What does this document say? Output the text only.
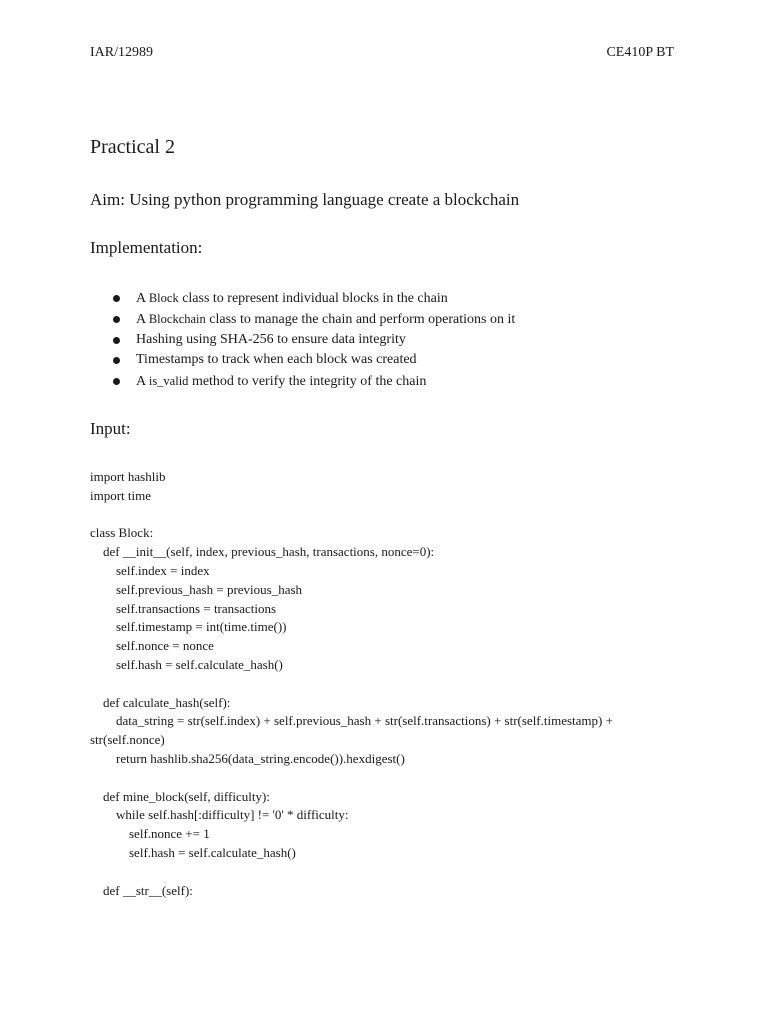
IAR/12989	CE410P BT
Practical 2
Aim: Using python programming language create a blockchain
Implementation:
A Block class to represent individual blocks in the chain
A Blockchain class to manage the chain and perform operations on it
Hashing using SHA-256 to ensure data integrity
Timestamps to track when each block was created
A is_valid method to verify the integrity of the chain
Input:
import hashlib
import time
class Block:
def __init__(self, index, previous_hash, transactions, nonce=0):
self.index = index
self.previous_hash = previous_hash
self.transactions = transactions
self.timestamp = int(time.time())
self.nonce = nonce
self.hash = self.calculate_hash()
def calculate_hash(self):
data_string = str(self.index) + self.previous_hash + str(self.transactions) + str(self.timestamp) +
str(self.nonce)
return hashlib.sha256(data_string.encode()).hexdigest()
def mine_block(self, difficulty):
while self.hash[:difficulty] != '0' * difficulty:
self.nonce += 1
self.hash = self.calculate_hash()
def __str__(self):
